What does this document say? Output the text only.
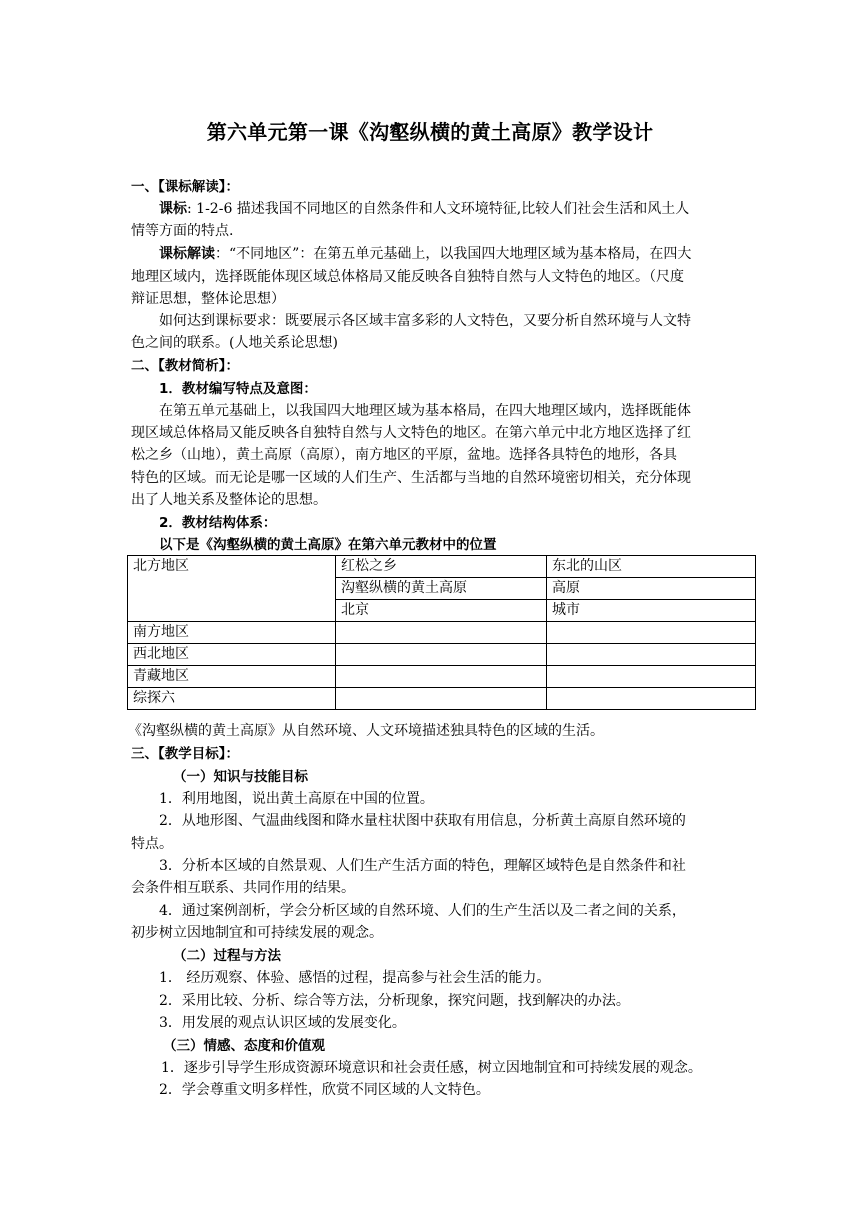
第六单元第一课《沟壑纵横的黄土高原》教学设计
一、【课标解读】：
课标: 1-2-6 描述我国不同地区的自然条件和人文环境特征,比较人们社会生活和风土人
情等方面的特点.
课标解读：“不同地区”：在第五单元基础上，以我国四大地理区域为基本格局，在四大
地理区域内，选择既能体现区域总体格局又能反映各自独特自然与人文特色的地区。（尺度
辩证思想，整体论思想）
如何达到课标要求：既要展示各区域丰富多彩的人文特色，又要分析自然环境与人文特
色之间的联系。(人地关系论思想)
二、【教材简析】：
1．教材编写特点及意图：
在第五单元基础上，以我国四大地理区域为基本格局，在四大地理区域内，选择既能体
现区域总体格局又能反映各自独特自然与人文特色的地区。在第六单元中北方地区选择了红
松之乡（山地），黄土高原（高原），南方地区的平原，盆地。选择各具特色的地形，各具
特色的区域。而无论是哪一区域的人们生产、生活都与当地的自然环境密切相关，充分体现
出了人地关系及整体论的思想。
2．教材结构体系：
以下是《沟壑纵横的黄土高原》在第六单元教材中的位置
北方地区	红松之乡	东北的山区
	沟壑纵横的黄土高原	高原
	北京	城市
南方地区		
西北地区		
青藏地区		
综探六		
《沟壑纵横的黄土高原》从自然环境、人文环境描述独具特色的区域的生活。
三、【教学目标】：
（一）知识与技能目标
1．利用地图，说出黄土高原在中国的位置。
2．从地形图、气温曲线图和降水量柱状图中获取有用信息，分析黄土高原自然环境的
特点。
3．分析本区域的自然景观、人们生产生活方面的特色，理解区域特色是自然条件和社
会条件相互联系、共同作用的结果。
4．通过案例剖析，学会分析区域的自然环境、人们的生产生活以及二者之间的关系，
初步树立因地制宜和可持续发展的观念。
（二）过程与方法
1． 经历观察、体验、感悟的过程，提高参与社会生活的能力。
2．采用比较、分析、综合等方法，分析现象，探究问题，找到解决的办法。
3．用发展的观点认识区域的发展变化。
（三）情感、态度和价值观
1．逐步引导学生形成资源环境意识和社会责任感，树立因地制宜和可持续发展的观念。
2．学会尊重文明多样性，欣赏不同区域的人文特色。
